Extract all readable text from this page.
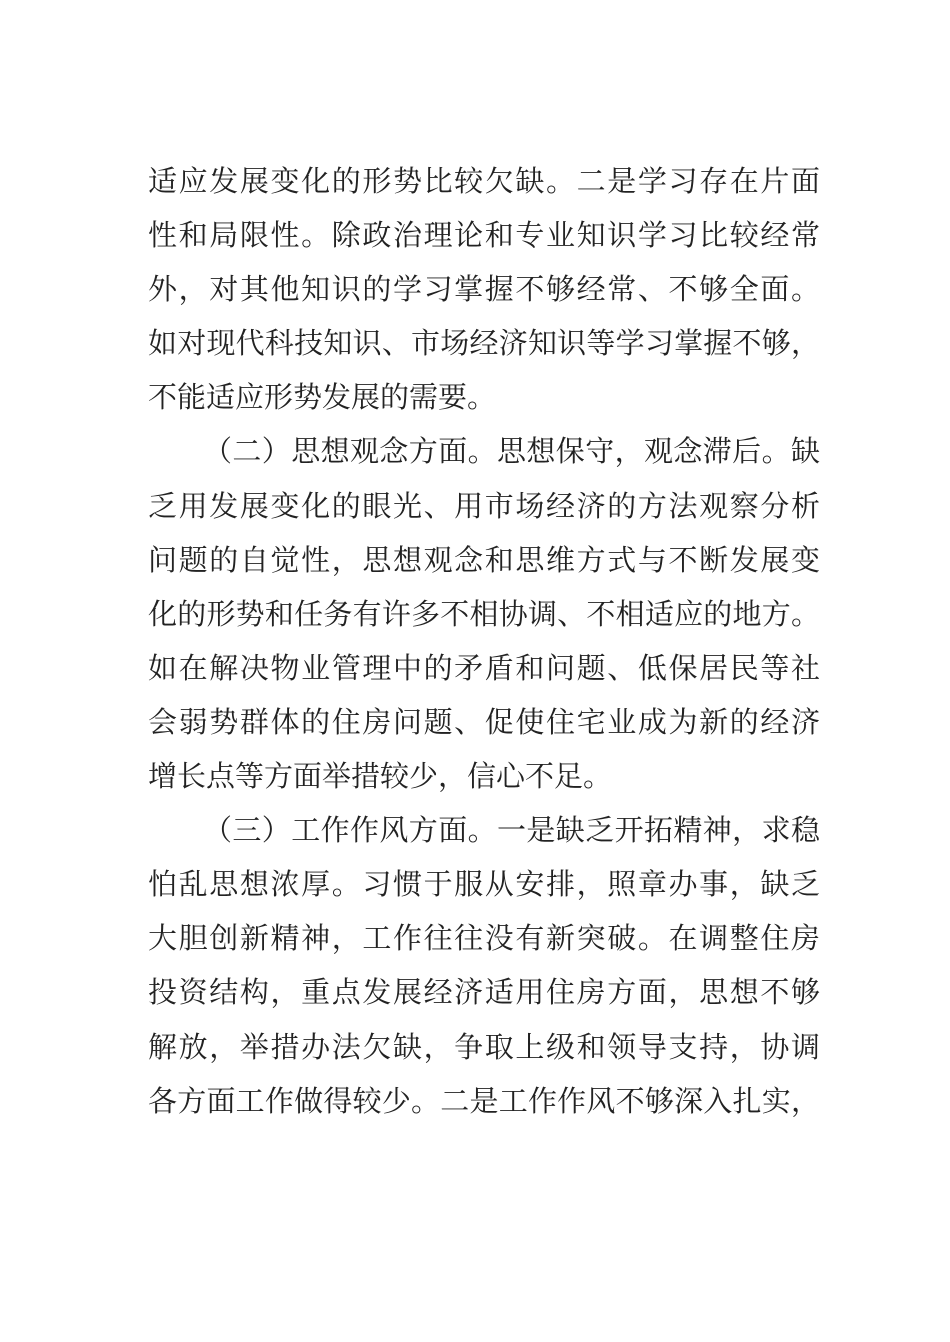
适应发展变化的形势比较欠缺。二是学习存在片面
性和局限性。除政治理论和专业知识学习比较经常
外，对其他知识的学习掌握不够经常、不够全面。
如对现代科技知识、市场经济知识等学习掌握不够，
不能适应形势发展的需要。
（二）思想观念方面。思想保守，观念滞后。缺
乏用发展变化的眼光、用市场经济的方法观察分析
问题的自觉性，思想观念和思维方式与不断发展变
化的形势和任务有许多不相协调、不相适应的地方。
如在解决物业管理中的矛盾和问题、低保居民等社
会弱势群体的住房问题、促使住宅业成为新的经济
增长点等方面举措较少，信心不足。
（三）工作作风方面。一是缺乏开拓精神，求稳
怕乱思想浓厚。习惯于服从安排，照章办事，缺乏
大胆创新精神，工作往往没有新突破。在调整住房
投资结构，重点发展经济适用住房方面，思想不够
解放，举措办法欠缺，争取上级和领导支持，协调
各方面工作做得较少。二是工作作风不够深入扎实，
